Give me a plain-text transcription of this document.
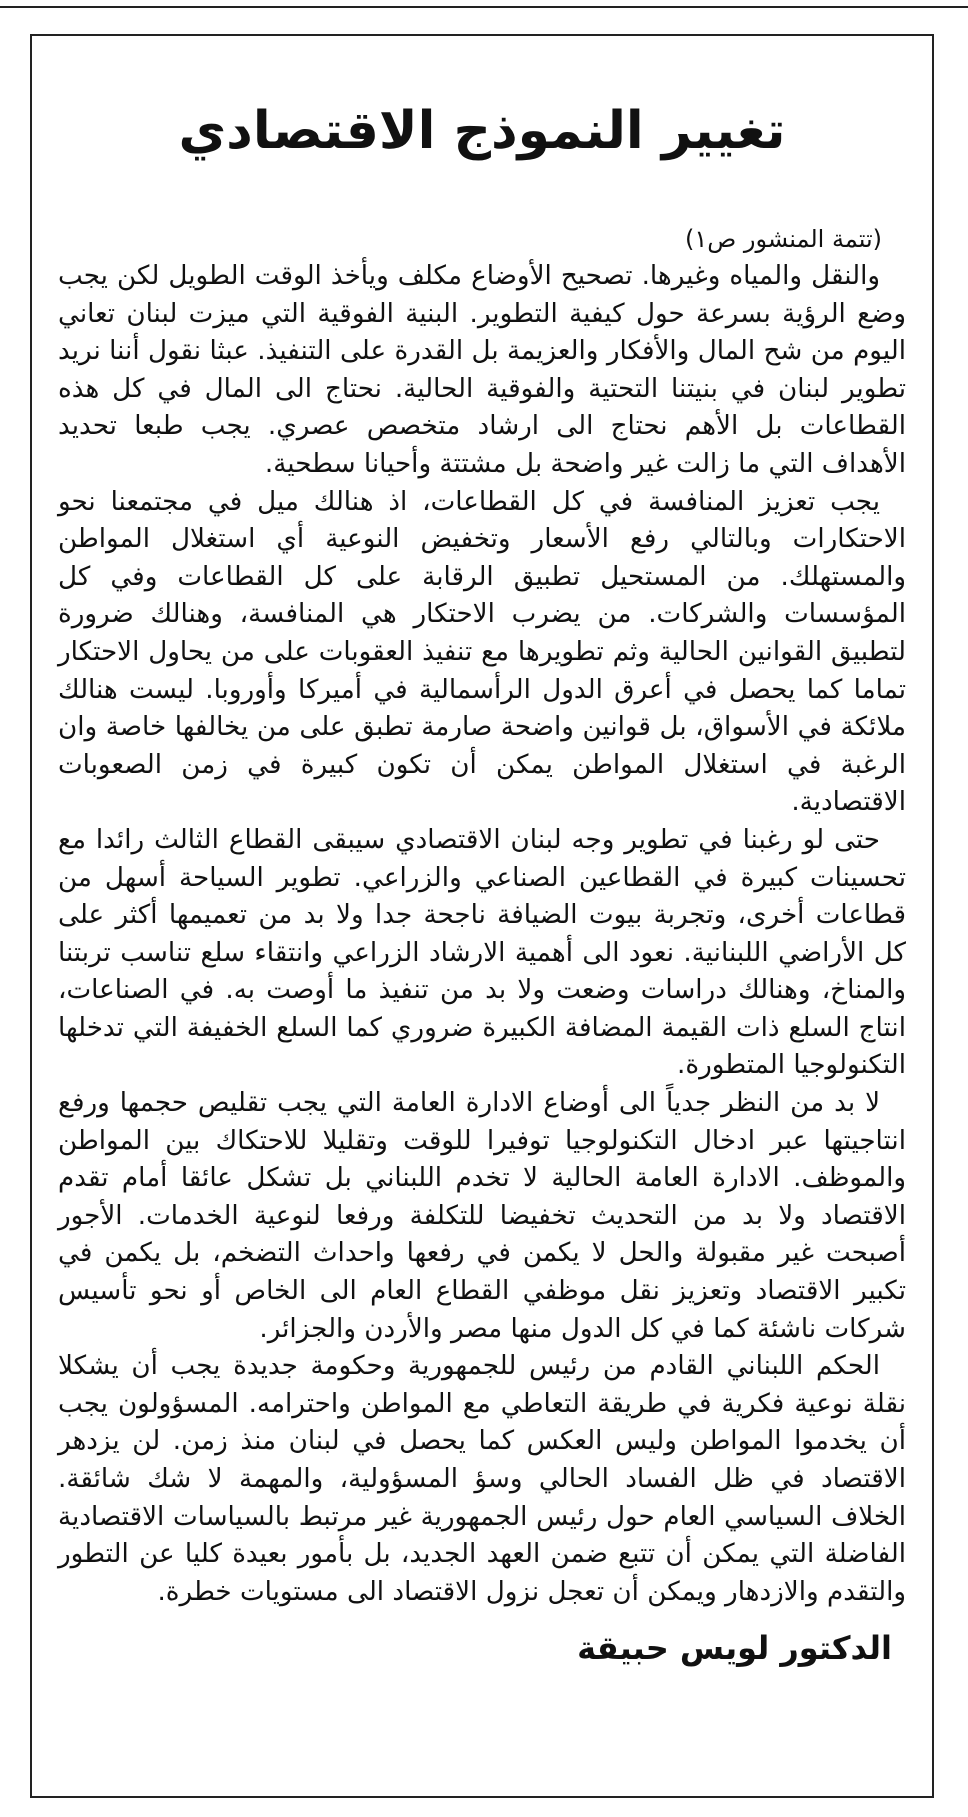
تغيير النموذج الاقتصادي
(تتمة المنشور ص١)

والنقل والمياه وغيرها. تصحيح الأوضاع مكلف ويأخذ الوقت الطويل لكن يجب وضع الرؤية بسرعة حول كيفية التطوير. البنية الفوقية التي ميزت لبنان تعاني اليوم من شح المال والأفكار والعزيمة بل القدرة على التنفيذ. عبثا نقول أننا نريد تطوير لبنان في بنيتنا التحتية والفوقية الحالية. نحتاج الى المال في كل هذه القطاعات بل الأهم نحتاج الى ارشاد متخصص عصري. يجب طبعا تحديد الأهداف التي ما زالت غير واضحة بل مشتتة وأحيانا سطحية.

يجب تعزيز المنافسة في كل القطاعات، اذ هنالك ميل في مجتمعنا نحو الاحتكارات وبالتالي رفع الأسعار وتخفيض النوعية أي استغلال المواطن والمستهلك. من المستحيل تطبيق الرقابة على كل القطاعات وفي كل المؤسسات والشركات. من يضرب الاحتكار هي المنافسة، وهنالك ضرورة لتطبيق القوانين الحالية وثم تطويرها مع تنفيذ العقوبات على من يحاول الاحتكار تماما كما يحصل في أعرق الدول الرأسمالية في أميركا وأوروبا. ليست هنالك ملائكة في الأسواق، بل قوانين واضحة صارمة تطبق على من يخالفها خاصة وان الرغبة في استغلال المواطن يمكن أن تكون كبيرة في زمن الصعوبات الاقتصادية.

حتى لو رغبنا في تطوير وجه لبنان الاقتصادي سيبقى القطاع الثالث رائدا مع تحسينات كبيرة في القطاعين الصناعي والزراعي. تطوير السياحة أسهل من قطاعات أخرى، وتجربة بيوت الضيافة ناجحة جدا ولا بد من تعميمها أكثر على كل الأراضي اللبنانية. نعود الى أهمية الارشاد الزراعي وانتقاء سلع تناسب تربتنا والمناخ، وهنالك دراسات وضعت ولا بد من تنفيذ ما أوصت به. في الصناعات، انتاج السلع ذات القيمة المضافة الكبيرة ضروري كما السلع الخفيفة التي تدخلها التكنولوجيا المتطورة.

لا بد من النظر جدياً الى أوضاع الادارة العامة التي يجب تقليص حجمها ورفع انتاجيتها عبر ادخال التكنولوجيا توفيرا للوقت وتقليلا للاحتكاك بين المواطن والموظف. الادارة العامة الحالية لا تخدم اللبناني بل تشكل عائقا أمام تقدم الاقتصاد ولا بد من التحديث تخفيضا للتكلفة ورفعا لنوعية الخدمات. الأجور أصبحت غير مقبولة والحل لا يكمن في رفعها واحداث التضخم، بل يكمن في تكبير الاقتصاد وتعزيز نقل موظفي القطاع العام الى الخاص أو نحو تأسيس شركات ناشئة كما في كل الدول منها مصر والأردن والجزائر.

الحكم اللبناني القادم من رئيس للجمهورية وحكومة جديدة يجب أن يشكلا نقلة نوعية فكرية في طريقة التعاطي مع المواطن واحترامه. المسؤولون يجب أن يخدموا المواطن وليس العكس كما يحصل في لبنان منذ زمن. لن يزدهر الاقتصاد في ظل الفساد الحالي وسؤ المسؤولية، والمهمة لا شك شائقة. الخلاف السياسي العام حول رئيس الجمهورية غير مرتبط بالسياسات الاقتصادية الفاضلة التي يمكن أن تتبع ضمن العهد الجديد، بل بأمور بعيدة كليا عن التطور والتقدم والازدهار ويمكن أن تعجل نزول الاقتصاد الى مستويات خطرة.

الدكتور لويس حبيقة
